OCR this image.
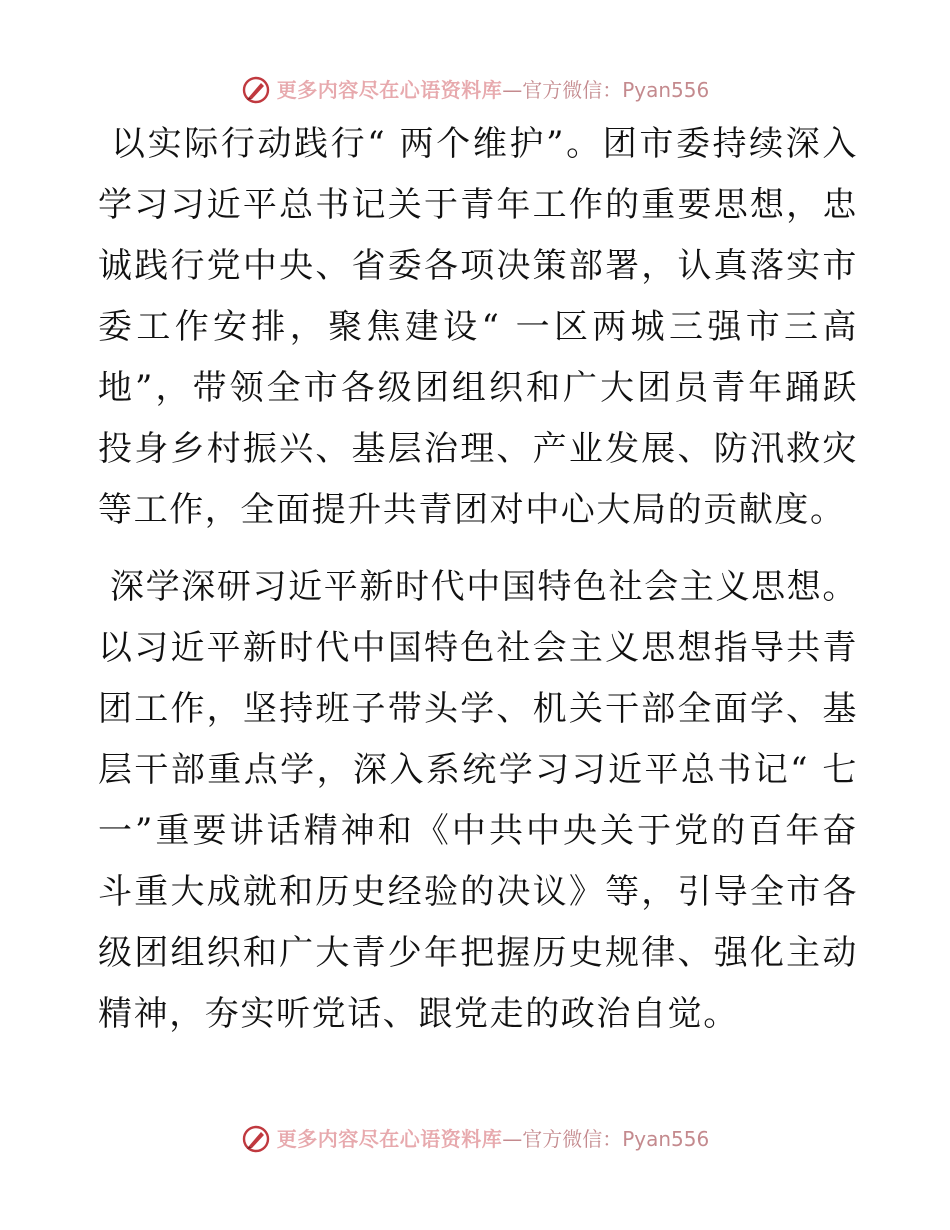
更多内容尽在心语资料库—官方微信：Pyan556

以实际行动践行“ 两个维护”。团市委持续深入学习习近平总书记关于青年工作的重要思想，忠诚践行党中央、省委各项决策部署，认真落实市委工作安排，聚焦建设“ 一区两城三强市三高地”，带领全市各级团组织和广大团员青年踊跃投身乡村振兴、基层治理、产业发展、防汛救灾等工作，全面提升共青团对中心大局的贡献度。

深学深研习近平新时代中国特色社会主义思想。以习近平新时代中国特色社会主义思想指导共青团工作，坚持班子带头学、机关干部全面学、基层干部重点学，深入系统学习习近平总书记“ 七一”重要讲话精神和《中共中央关于党的百年奋斗重大成就和历史经验的决议》等，引导全市各级团组织和广大青少年把握历史规律、强化主动精神，夯实听党话、跟党走的政治自觉。

更多内容尽在心语资料库—官方微信：Pyan556
